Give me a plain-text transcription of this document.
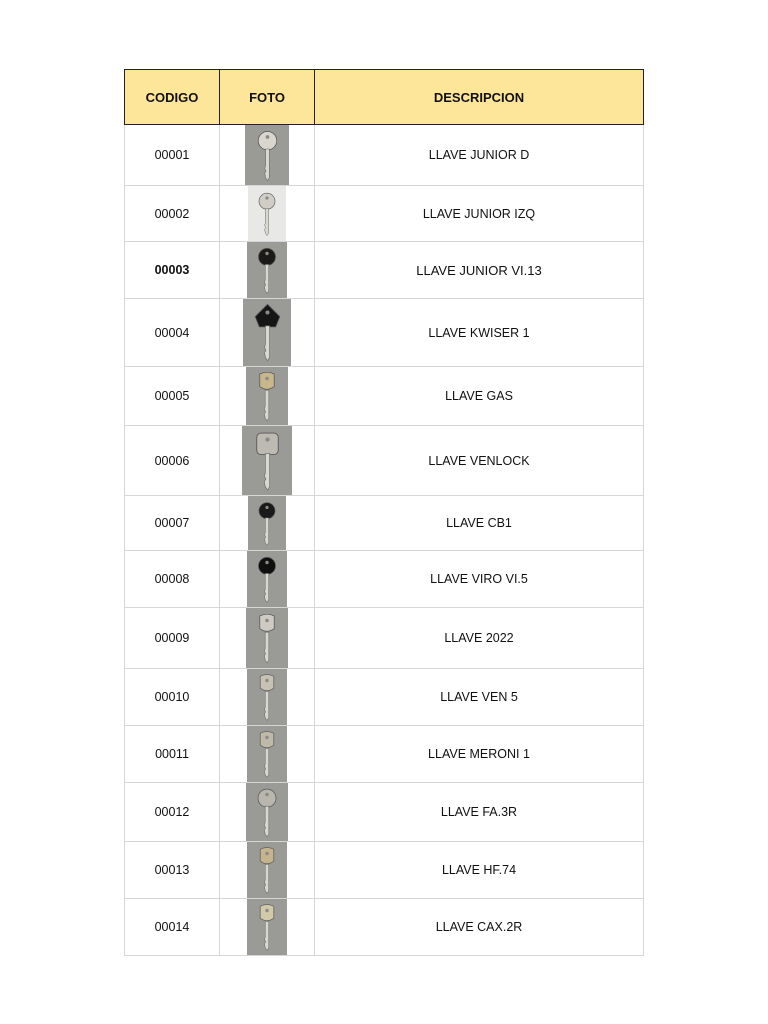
CODIGO	FOTO	DESCRIPCION
00001		LLAVE JUNIOR D
00002		LLAVE JUNIOR IZQ
00003		LLAVE JUNIOR VI.13
00004		LLAVE KWISER 1
00005		LLAVE GAS
00006		LLAVE VENLOCK
00007		LLAVE CB1
00008		LLAVE VIRO VI.5
00009		LLAVE 2022
00010		LLAVE VEN 5
00011		LLAVE MERONI 1
00012		LLAVE FA.3R
00013		LLAVE HF.74
00014		LLAVE CAX.2R
